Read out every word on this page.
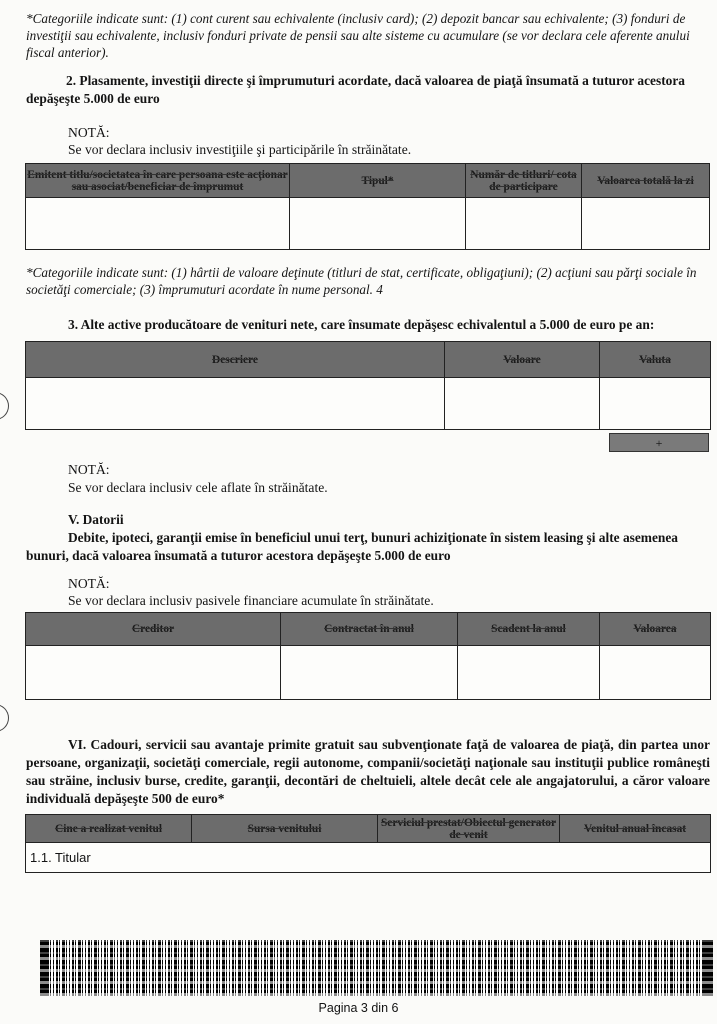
*Categoriile indicate sunt: (1) cont curent sau echivalente (inclusiv card); (2) depozit bancar sau echivalente; (3) fonduri de investiţii sau echivalente, inclusiv fonduri private de pensii sau alte sisteme cu acumulare (se vor declara cele aferente anului fiscal anterior).
2. Plasamente, investiţii directe şi împrumuturi acordate, dacă valoarea de piaţă însumată a tuturor acestora depăşeşte 5.000 de euro
NOTĂ:
Se vor declara inclusiv investiţiile şi participările în străinătate.
Emitent titlu/societatea în care persoana este acţionar sau asociat/beneficiar de împrumut	Tipul*	Număr de titluri/ cota de participare	Valoarea totală la zi

*Categoriile indicate sunt: (1) hârtii de valoare deţinute (titluri de stat, certificate, obligaţiuni); (2) acţiuni sau părţi sociale în societăţi comerciale; (3) împrumuturi acordate în nume personal. 4
3. Alte active producătoare de venituri nete, care însumate depăşesc echivalentul a 5.000 de euro pe an:
Descriere	Valoare	Valuta

+
NOTĂ:
Se vor declara inclusiv cele aflate în străinătate.
V. Datorii
Debite, ipoteci, garanţii emise în beneficiul unui terţ, bunuri achiziţionate în sistem leasing şi alte asemenea bunuri, dacă valoarea însumată a tuturor acestora depăşeşte 5.000 de euro
NOTĂ:
Se vor declara inclusiv pasivele financiare acumulate în străinătate.
Creditor	Contractat în anul	Scadent la anul	Valoarea

VI. Cadouri, servicii sau avantaje primite gratuit sau subvenţionate faţă de valoarea de piaţă, din partea unor persoane, organizaţii, societăţi comerciale, regii autonome, companii/societăţi naţionale sau instituţii publice româneşti sau străine, inclusiv burse, credite, garanţii, decontări de cheltuieli, altele decât cele ale angajatorului, a căror valoare individuală depăşeşte 500 de euro*
Cine a realizat venitul	Sursa venitului	Serviciul prestat/Obiectul generator de venit	Venitul anual încasat
1.1. Titular
Pagina 3 din 6
